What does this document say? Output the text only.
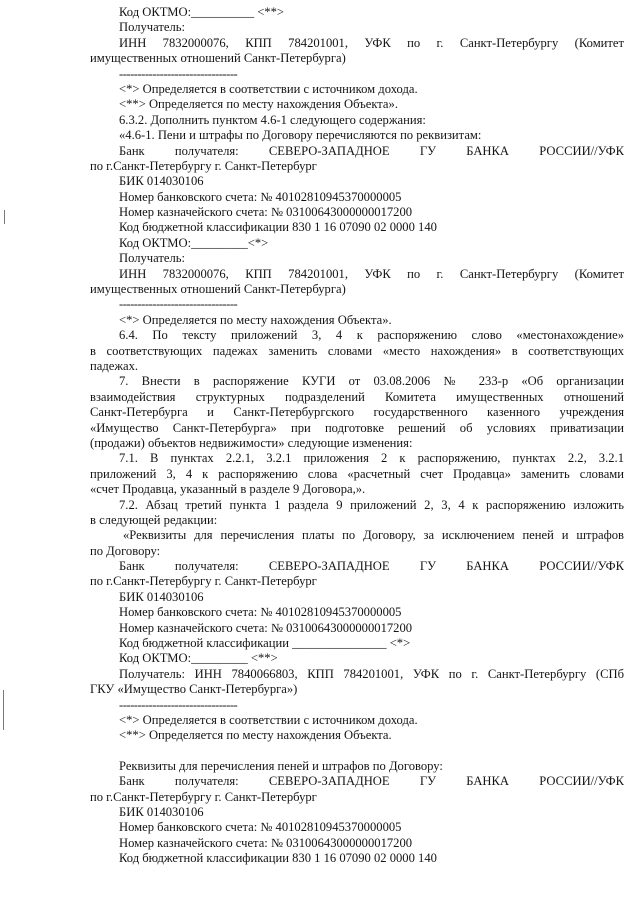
Код ОКТМО:__________ <**>
Получатель:
ИНН 7832000076, КПП 784201001, УФК по г. Санкт-Петербургу (Комитет
имущественных отношений Санкт-Петербурга)
--------------------------------
<*> Определяется в соответствии с источником дохода.
<**> Определяется по месту нахождения Объекта».
6.3.2. Дополнить пунктом 4.6-1 следующего содержания:
«4.6-1. Пени и штрафы по Договору перечисляются по реквизитам:
Банк получателя: СЕВЕРО-ЗАПАДНОЕ ГУ БАНКА РОССИИ//УФК
по г.Санкт-Петербургу г. Санкт-Петербург
БИК 014030106
Номер банковского счета: № 40102810945370000005
Номер казначейского счета: № 03100643000000017200
Код бюджетной классификации 830 1 16 07090 02 0000 140
Код ОКТМО:_________<*>
Получатель:
ИНН 7832000076, КПП 784201001, УФК по г. Санкт-Петербургу (Комитет
имущественных отношений Санкт-Петербурга)
--------------------------------
<*> Определяется по месту нахождения Объекта».
6.4. По тексту приложений 3, 4 к распоряжению слово «местонахождение»
в соответствующих падежах заменить словами «место нахождения» в соответствующих
падежах.
7. Внести в распоряжение КУГИ от 03.08.2006 № 233-р «Об организации
взаимодействия структурных подразделений Комитета имущественных отношений
Санкт-Петербурга и Санкт-Петербургского государственного казенного учреждения
«Имущество Санкт-Петербурга» при подготовке решений об условиях приватизации
(продажи) объектов недвижимости» следующие изменения:
7.1. В пунктах 2.2.1, 3.2.1 приложения 2 к распоряжению, пунктах 2.2, 3.2.1
приложений 3, 4 к распоряжению слова «расчетный счет Продавца» заменить словами
«счет Продавца, указанный в разделе 9 Договора,».
7.2. Абзац третий пункта 1 раздела 9 приложений 2, 3, 4 к распоряжению изложить
в следующей редакции:
«Реквизиты для перечисления платы по Договору, за исключением пеней и штрафов
по Договору:
Банк получателя: СЕВЕРО-ЗАПАДНОЕ ГУ БАНКА РОССИИ//УФК
по г.Санкт-Петербургу г. Санкт-Петербург
БИК 014030106
Номер банковского счета: № 40102810945370000005
Номер казначейского счета: № 03100643000000017200
Код бюджетной классификации _______________ <*>
Код ОКТМО:_________ <**>
Получатель: ИНН 7840066803, КПП 784201001, УФК по г. Санкт-Петербургу (СПб
ГКУ «Имущество Санкт-Петербурга»)
--------------------------------
<*> Определяется в соответствии с источником дохода.
<**> Определяется по месту нахождения Объекта.
Реквизиты для перечисления пеней и штрафов по Договору:
Банк получателя: СЕВЕРО-ЗАПАДНОЕ ГУ БАНКА РОССИИ//УФК
по г.Санкт-Петербургу г. Санкт-Петербург
БИК 014030106
Номер банковского счета: № 40102810945370000005
Номер казначейского счета: № 03100643000000017200
Код бюджетной классификации 830 1 16 07090 02 0000 140
